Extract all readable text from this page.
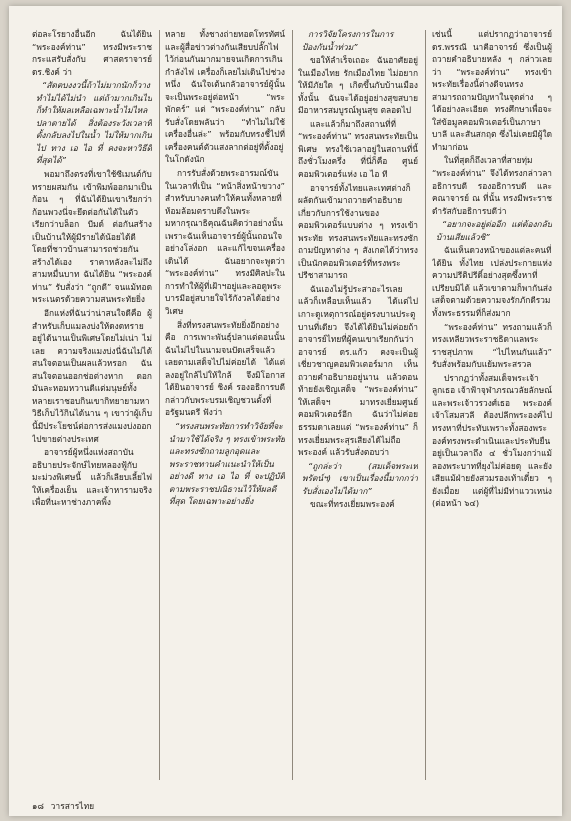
ต่อละโรยางอื่นอีก ฉันได้ยิน “พระองค์ท่าน” ทรงมีพระราชกระแสรับสั่งกับ ศาสตราจารย์ ดร.ชิงค์ ว่า

“สัตตบงงวนี้ถ้าไม่มากนักก็วางทำไม่ได้ไม่นำ แต่ถ้ามากเกินไปก็ทำให้ผลเหลือเฉพาะน้ำไม่ไหล ปลาตายได้ สิ่งต้องระวังเวลาที่ตั้งกลับลงไปในน้ำ ไม่ให้มากเกินไป ทาง เอ ไอ ที่ คงจะหาวิธีดีที่สุดได้”

พอมาถึงตรงที่เขาใช้ซีเมนต์กับทรายผสมกัน เข้าพิมพ์ออกมาเป็นก้อน ๆ ที่ฉันได้ยินเขาเรียกว่า ก้อนพวงนี่จะยึดต่อกันได้ในตัวเรียกว่าบล็อก บีมด์ ต่อกันสร้างเป็นบ้านให้ผู้มีรายได้น้อยได้ดี โดยที่ชาวบ้านสามารถช่วยกันสร้างได้เอง ราคาหลังละไม่ถึงสามหมื่นบาท ฉันได้ยิน “พระองค์ท่าน” รับสั่งว่า “ถูกดี” จนแม้ทอดพระเนตรด้วยความสนพระทัยยิ่ง

อีกแห่งที่ฉันว่าน่าสนใจดีคือ ผู้สำหรับเก็บแมลงบ่งให้ดงดทรายอยู่ได้นานเป็นพิเศษโดยไม่เน่า ไม่เลย ความจริงแมงบ่งนี่ฉันไม่ได้สนใจตอนเป็นผลแล้วหรอก ฉันสนใจตอนออกช่อต่างหาก ดอกมันละหอมหวานดีแต่มนุษย์ทั้งหลายเราชอบกินเขากิทยายามหาวิธีเก็บไว้กินได้นาน ๆ เขาว่าผู้เก็บนี้มีประโยชน์ต่อการส่งแมงบ่งออกไปขายต่างประเทศ

อาจารย์ผู้หนึ่งแห่งสถาบันอธิบายประจักษ์ไทยหลองฟู้กับมะม่วงพิเศษนี้ แล้วก็เลียบเลี้ยไฟให้เครื่องเย็น และเจ้าหารามจริงเพื่อที่นะหาช่างภาคพิ้ง

หลาย ทั้งชางถ่ายทอดโทรทัศน์และผู้สื่อข่าวต่างกันเสียบปลั๊กไฟไว้ก่อนกันมากมายจนเกิดการเกินกำลังไฟ เครื่องก็เลยไม่เดินไปช่วงหนึ่ง ฉันใจเต้นกลัวอาจารย์ผู้นั้นจะเป็นพระอยู่ต่อหน้า “พระพักตร์” แต่ “พระองค์ท่าน” กลับรับสั่งโดยพลันว่า “ทำไมไม่ใช้เครื่องอื่นล่ะ” พร้อมกับทรงชี้ไปที่เครื่องคนต์ตัวแสงลากต่อยู่ที่ตั้งอยู่ในโกดังนัก

การรับสั่งด้วยพระอารมณ์ขันในเวลาที่เป็น “หน้าสิ่งหน้าขวาง” สำหรับบางคนทำให้คนทั้งหลายที่ห้อมล้อมตราบดึงในพระมหากรุณาธิคุณฉันคิดว่าอย่างนั้น เพราะฉันเห็นอาจารย์ผู้นั้นถอนใจอย่างโล่งอก และแก้ไขจนเครื่องเดินได้ ฉันอยากจะพูดว่า “พระองค์ท่าน” ทรงมีศิลปะในการทำให้ผู้ที่เฝ้าฯอยู่และลอดูพระบารมีอยู่สบายใจไร้กังวลได้อย่างวิเศษ

สิ่งที่ทรงสนพระทัยยิ่งอีกอย่างคือ การเพาะพันธุ์ปลาแต่ตอนนั้นฉันไม่ไปในนามจนปัดเสร็จแล้ว เลยตามเสด็จไปไม่ค่อยได้ ได้แต่ลงอยู่ใกล้ไปให้ใกล้ จึงมิโอกาสได้ยินอาจารย์ ชิงค์ รองอธิการบดีกล่าวกับพระบรมเชิญชวนตั้งที่อรัฐมนตรี ฟังว่า

“ทรงสนพระทัยการทำวิจัยที่จะนำมาใช้ได้จริง ๆ ทรงเข้าพระทัยและทรงซักถามลูกอุดและพระราชทานคำแนะนำให้เป็นอย่างดี ทาง เอ ไอ ที่ จะปฏิบัติตามพระราชปณิธานไว้ให้ผลดีที่สุด โดยเฉพาะอย่างยิ่ง

การวิจัยโครงการในการป้องกันน้ำท่วม”

ขอให้ลำเร็จเถอะ ฉันอาศัยอยู่ในเมืองไทย รักเมืองไทย ไม่อยากให้มีภัยใด ๆ เกิดขึ้นกับบ้านเมืองทั้งนั้น ฉันจะได้อยู่อย่างสุขสบาย มีอาหารสมบูรณ์พูนสุข ตลอดไป

และแล้วก็มาถึงสถานที่ที่ “พระองค์ท่าน” ทรงสนพระทัยเป็นพิเศษ ทรงใช้เวลาอยู่ในสถานที่นี้ถึงชั่วโมงครึ่ง ที่นี่ก็คือ ศูนย์คอมพิวเตอร์แห่ง เอ ไอ ที

อาจารย์ทั้งไทยและเทศต่างก็ผลัดกันเข้ามาถวายคำอธิบายเกี่ยวกับการใช้งานของคอมพิวเตอร์แบบต่าง ๆ ทรงเข้าพระทัย ทรงสนพระทัยและทรงซักถามปัญหาต่าง ๆ สังเกตได้ว่าทรงเป็นนักคอมพิวเตอร์ที่ทรงพระปรีชาสามารถ

ฉันเองไม่รู้ประสาอะไรเลย แล้วก็เหลือบเห็นแล้ว ได้แต่ไปเกาะดูเหตุการณ์อยู่ตรงบานประตูบานที่เดียว จึงได้ได้ยินไม่ค่อยถ้าอาจารย์ไทยที่ผู้คนเขาเรียกกันว่า อาจารย์ ดร.แก้ว คงจะเป็นผู้เชี่ยวชาญคอมพิวเตอร์มาก เห็นถวายคำอธิบายอยู่นาน แล้วตอนท้ายยังเชิญเสด็จ “พระองค์ท่าน” ให้เสด็จฯ มาทรงเยี่ยมศูนย์คอมพิวเตอร์อีก ฉันว่าไม่ค่อยธรรมดาเลยแต่ “พระองค์ท่าน” ก็ทรงเยี่ยมพระสุรเสียงได้ไม่ถือพระองค์ แล้วรับสั่งตอบว่า

“ถูกล่ะว่า (สมเด็จพระเทพรัตน์ฯ) เขาเป็นเรื่องนี้มากกว่า รับสั่งเองไม่ได้มาก”

ขณะที่ทรงเยี่ยมพระองค์

เช่นนี้ แต่ปรากฏว่าอาจารย์ ดร.พรรณี นาคีอาจารย์ ซึ่งเป็นผู้ถวายคำอธิบายหลัง ๆ กล่าวเลยว่า “พระองค์ท่าน” ทรงเข้าพระทัยเรื่องนี้ต่างดีจนทรงสามารถถามปัญหาในจุดต่าง ๆ ได้อย่างละเอียด ทรงศึกษาเพื่อจะใส่ข้อมูลคอมพิวเตอร์เป็นภาษาบาลี และสันสกฤต ซึ่งไม่เคยมีผู้ใดทำมาก่อน

ในที่สุดก็ถึงเวลาที่สายทุ่ม “พระองค์ท่าน” จึงได้ทรงกล่าวลาอธิการบดี รองอธิการบดี และคณาจารย์ ณ ที่นั้น ทรงมีพระราชดำรัสกับอธิการบดีว่า

“อยากจะอยู่ต่ออีก แต่ต้องกลับบ้านเสียแล้วซิ”

ฉันเห็นดวงหน้าของแต่ละคนที่ได้ยิน ทั้งไทย เปล่งประกายแห่งความปรีติปรีดิ์อย่างสุดซึ้งหาที่เปรียบมิได้ แล้วเขาตามก็พากันส่งเสด็จตามด้วยความจงรักภักดีรวมทั้งพระธรรมที่ก็ส่งมาก

“พระองค์ท่าน” ทรงถามแล้วก็ทรงเหลียวพระราชธิดาแลพระราชสุปภาพ “ไปไหนกันแล้ว” รับสั่งพร้อมกับแย้มพระสรวล

ปรากฏว่าทั้งสมเด็จพระเจ้าลูกเธอ เจ้าฟ้าจุฬาภรณวลัยลักษณ์ และพระเจ้าวรวงศ์เธอ พระองค์เจ้าโสมสวลี ต้องปลีกพระองค์ไปทรงหาที่ประทับเพราะทั้งสองพระองค์ทรงพระดำเนินและประทับยืนอยู่เป็นเวลาถึง ๔ ชั่วโมงกว่าแม้ลองพระบาทที่ยุงไม่ค่อยดุ และยังเสียแม้ฝ่ายยังสวมรองเท้าเดี๋ยว ๆ ยังเมื่อย แต่ผู้ที่ไม่มีท่าแววเหน่ง (ต่อหน้า ๖๔)

๑๘ วารสารไทย
